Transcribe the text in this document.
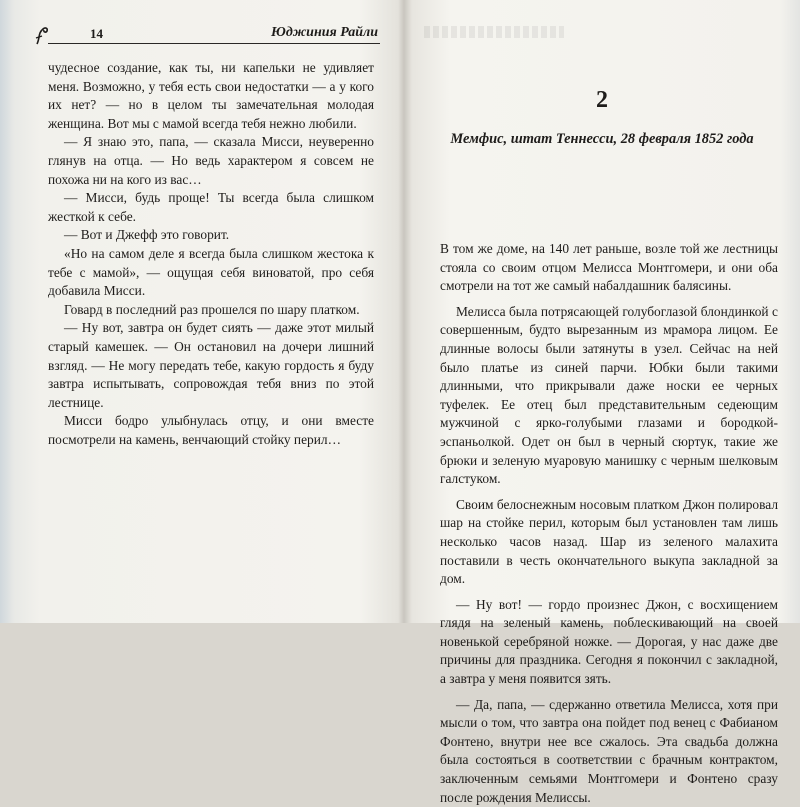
14	Юджиния Райли

чудесное создание, как ты, ни капельки не удивляет меня. Возможно, у тебя есть свои недостатки — а у кого их нет? — но в целом ты замечательная молодая женщина. Вот мы с мамой всегда тебя нежно любили.

— Я знаю это, папа, — сказала Мисси, неуверенно глянув на отца. — Но ведь характером я совсем не похожа ни на кого из вас…

— Мисси, будь проще! Ты всегда была слишком жесткой к себе.

— Вот и Джефф это говорит.

«Но на самом деле я всегда была слишком жестока к тебе с мамой», — ощущая себя виноватой, про себя добавила Мисси.

Говард в последний раз прошелся по шару платком.

— Ну вот, завтра он будет сиять — даже этот милый старый камешек. — Он остановил на дочери лишний взгляд. — Не могу передать тебе, какую гордость я буду завтра испытывать, сопровождая тебя вниз по этой лестнице.

Мисси бодро улыбнулась отцу, и они вместе посмотрели на камень, венчающий стойку перил…

2
Мемфис, штат Теннесси, 28 февраля 1852 года

В том же доме, на 140 лет раньше, возле той же лестницы стояла со своим отцом Мелисса Монтгомери, и они оба смотрели на тот же самый набалдашник балясины.

Мелисса была потрясающей голубоглазой блондинкой с совершенным, будто вырезанным из мрамора лицом. Ее длинные волосы были затянуты в узел. Сейчас на ней было платье из синей парчи. Юбки были такими длинными, что прикрывали даже носки ее черных туфелек. Ее отец был представительным седеющим мужчиной с ярко-голубыми глазами и бородкой-эспаньолкой. Одет он был в черный сюртук, такие же брюки и зеленую муаровую манишку с черным шелковым галстуком.

Своим белоснежным носовым платком Джон полировал шар на стойке перил, которым был установлен там лишь несколько часов назад. Шар из зеленого малахита поставили в честь окончательного выкупа закладной за дом.

— Ну вот! — гордо произнес Джон, с восхищением глядя на зеленый камень, поблескивающий на своей новенькой серебряной ножке. — Дорогая, у нас даже две причины для праздника. Сегодня я покончил с закладной, а завтра у меня появится зять.

— Да, папа, — сдержанно ответила Мелисса, хотя при мысли о том, что завтра она пойдет под венец с Фабианом Фонтено, внутри нее все сжалось. Эта свадьба должна была состояться в соответствии с брачным контрактом, заключенным семьями Монтгомери и Фонтено сразу после рождения Мелиссы.
